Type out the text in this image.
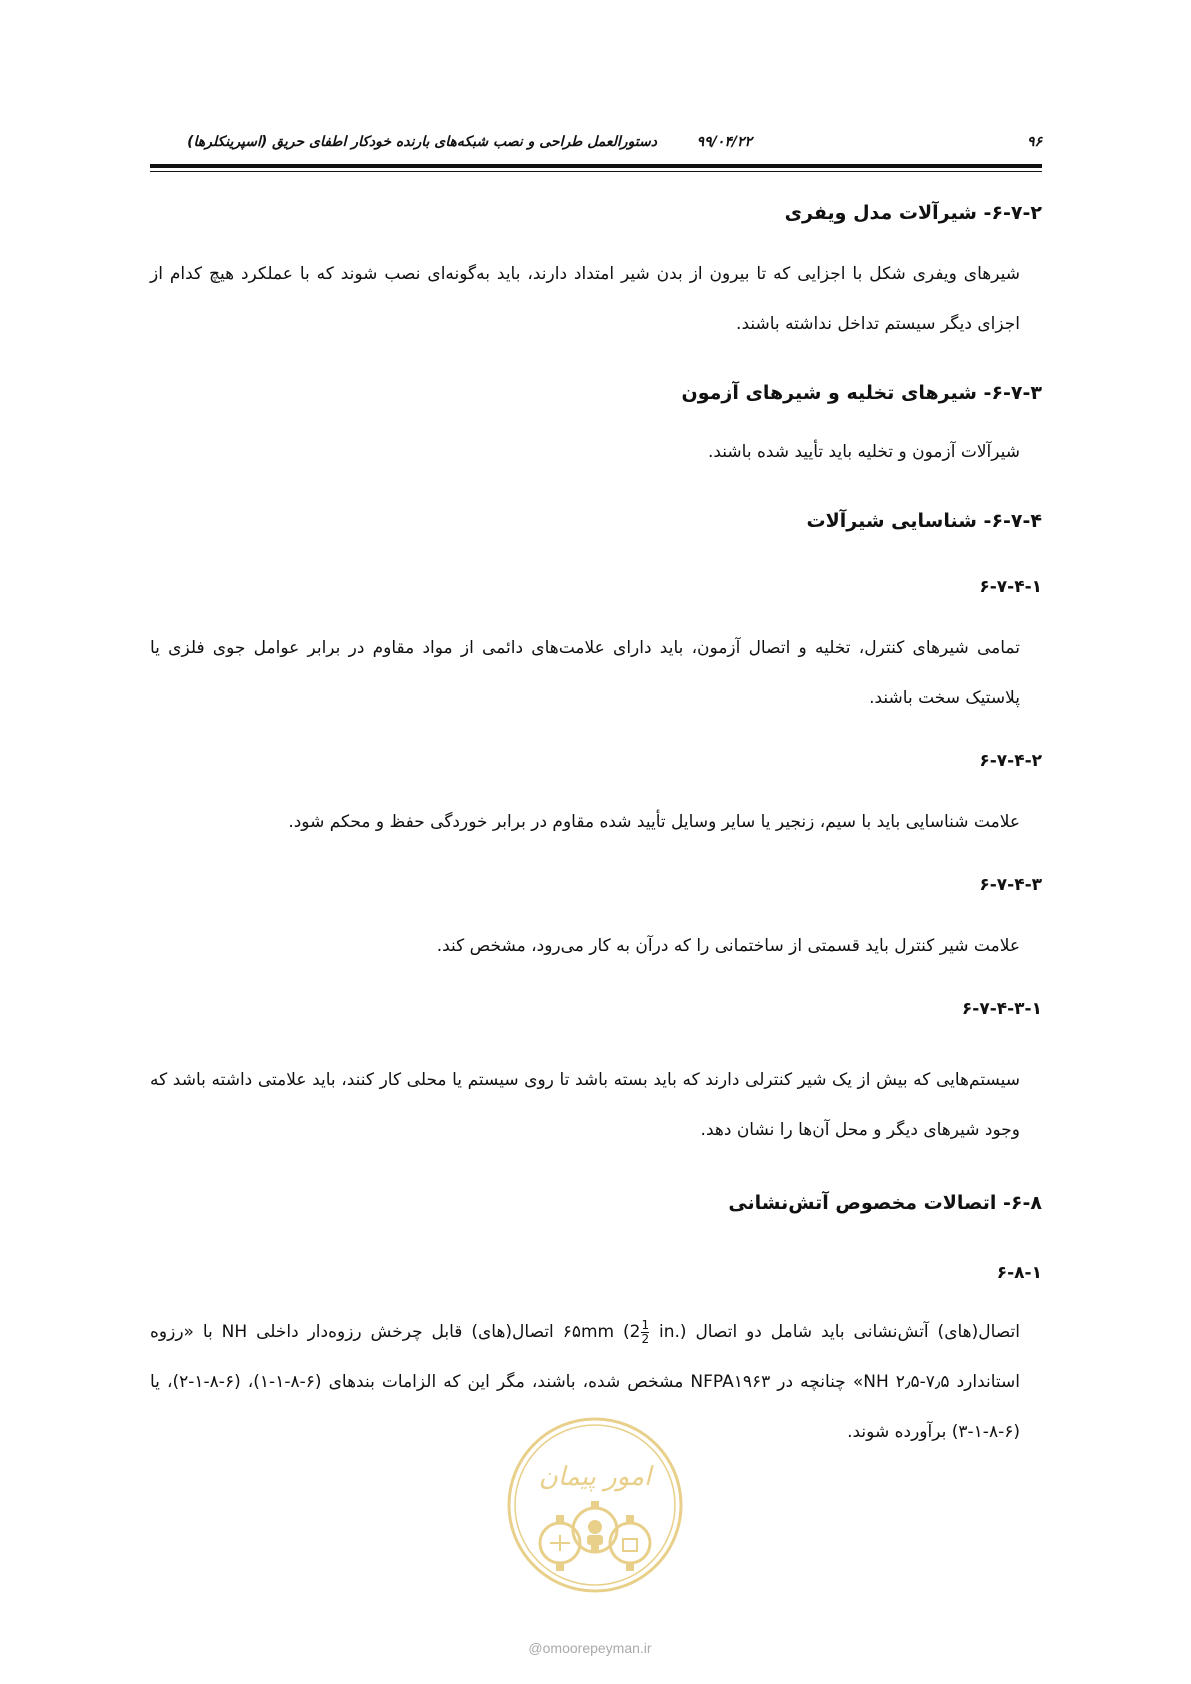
۹۶
۹۹/۰۴/۲۲
دستورالعمل طراحی و نصب شبکه‌های بارنده خودکار اطفای حریق (اسپرینکلرها)

۶-۷-۲- شیرآلات مدل ویفری

شیرهای ویفری شکل با اجزایی که تا بیرون از بدن شیر امتداد دارند، باید به‌گونه‌ای نصب شوند که با عملکرد هیچ کدام از اجزای دیگر سیستم تداخل نداشته باشند.

۶-۷-۳- شیرهای تخلیه و شیرهای آزمون

شیرآلات آزمون و تخلیه باید تأیید شده باشند.

۶-۷-۴- شناسایی شیرآلات

۶-۷-۴-۱

تمامی شیرهای کنترل، تخلیه و اتصال آزمون، باید دارای علامت‌های دائمی از مواد مقاوم در برابر عوامل جوی فلزی یا پلاستیک سخت باشند.

۶-۷-۴-۲

علامت شناسایی باید با سیم، زنجیر یا سایر وسایل تأیید شده مقاوم در برابر خوردگی حفظ و محکم شود.

۶-۷-۴-۳

علامت شیر کنترل باید قسمتی از ساختمانی را که درآن به کار می‌رود، مشخص کند.

۶-۷-۴-۳-۱

سیستم‌هایی که بیش از یک شیر کنترلی دارند که باید بسته باشد تا روی سیستم یا محلی کار کنند، باید علامتی داشته باشد که وجود شیرهای دیگر و محل آن‌ها را نشان دهد.

۶-۸- اتصالات مخصوص آتش‌نشانی

۶-۸-۱

اتصال(های) آتش‌نشانی باید شامل دو اتصال ۶۵mm ($2 \frac{1}{2}$
in.) اتصال(های) قابل چرخش رزوه‌دار داخلی NH با «رزوه استاندارد NH ۲٫۵-۷٫۵» چنانچه در NFPA۱۹۶۳ مشخص شده، باشند، مگر این که الزامات بندهای (۶-۸-۱-۱)، (۶-۸-۱-۲)، یا (۶-۸-۱-۳) برآورده شوند.

امور پیمان
@omoorepeyman.ir
